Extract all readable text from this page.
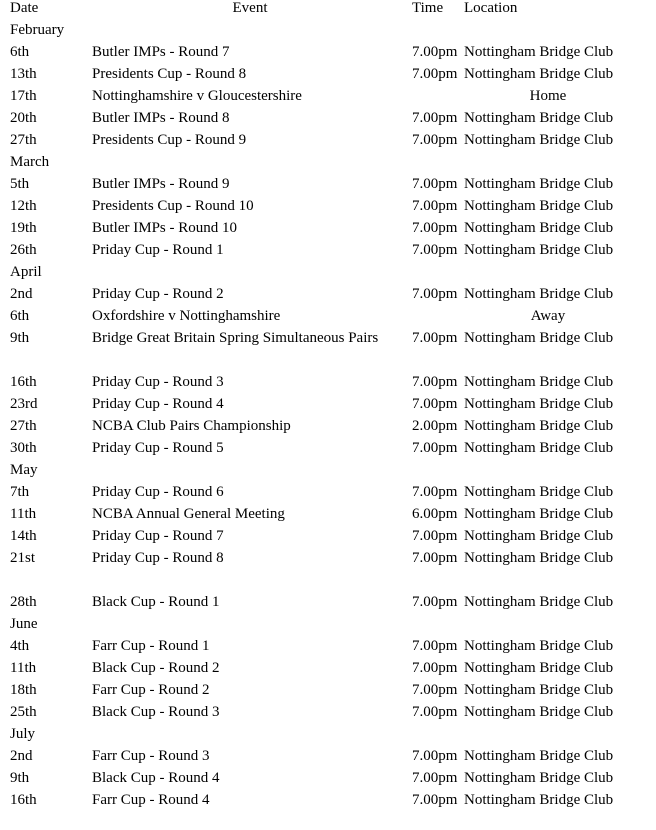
Date	Event	Time	Location
February			
6th	Butler IMPs - Round 7	7.00pm	Nottingham Bridge Club
13th	Presidents Cup - Round 8	7.00pm	Nottingham Bridge Club
17th	Nottinghamshire v Gloucestershire		Home
20th	Butler IMPs - Round 8	7.00pm	Nottingham Bridge Club
27th	Presidents Cup - Round 9	7.00pm	Nottingham Bridge Club
March			
5th	Butler IMPs - Round 9	7.00pm	Nottingham Bridge Club
12th	Presidents Cup - Round 10	7.00pm	Nottingham Bridge Club
19th	Butler IMPs - Round 10	7.00pm	Nottingham Bridge Club
26th	Priday Cup - Round 1	7.00pm	Nottingham Bridge Club
April			
2nd	Priday Cup - Round 2	7.00pm	Nottingham Bridge Club
6th	Oxfordshire v Nottinghamshire		Away
9th	Bridge Great Britain Spring Simultaneous Pairs	7.00pm	Nottingham Bridge Club

16th	Priday Cup - Round 3	7.00pm	Nottingham Bridge Club
23rd	Priday Cup - Round 4	7.00pm	Nottingham Bridge Club
27th	NCBA Club Pairs Championship	2.00pm	Nottingham Bridge Club
30th	Priday Cup - Round 5	7.00pm	Nottingham Bridge Club
May			
7th	Priday Cup - Round 6	7.00pm	Nottingham Bridge Club
11th	NCBA Annual General Meeting	6.00pm	Nottingham Bridge Club
14th	Priday Cup - Round 7	7.00pm	Nottingham Bridge Club
21st	Priday Cup - Round 8	7.00pm	Nottingham Bridge Club

28th	Black Cup - Round 1	7.00pm	Nottingham Bridge Club
June			
4th	Farr Cup - Round 1	7.00pm	Nottingham Bridge Club
11th	Black Cup - Round 2	7.00pm	Nottingham Bridge Club
18th	Farr Cup - Round 2	7.00pm	Nottingham Bridge Club
25th	Black Cup - Round 3	7.00pm	Nottingham Bridge Club
July			
2nd	Farr Cup - Round 3	7.00pm	Nottingham Bridge Club
9th	Black Cup - Round 4	7.00pm	Nottingham Bridge Club
16th	Farr Cup - Round 4	7.00pm	Nottingham Bridge Club
